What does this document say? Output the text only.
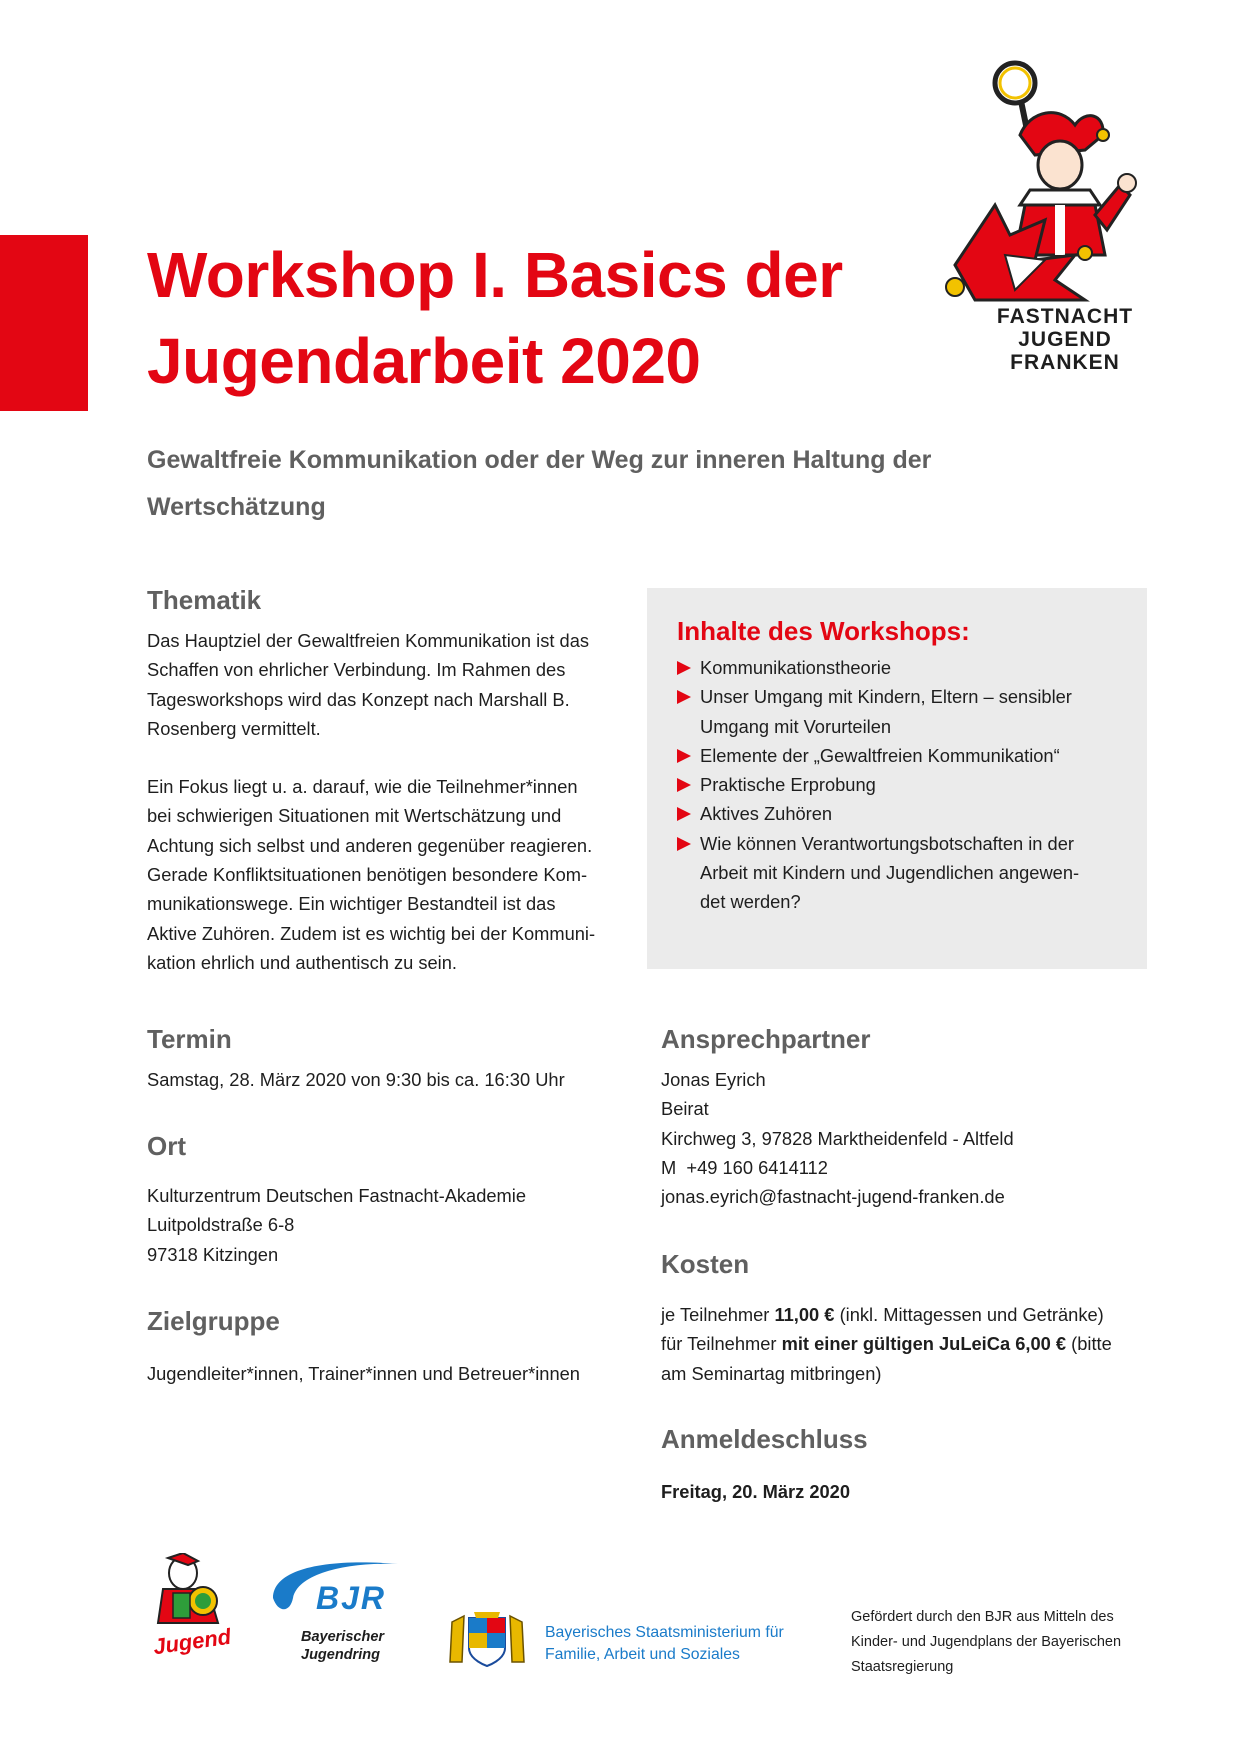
Workshop I. Basics der
Jugendarbeit 2020
FASTNACHT
JUGEND
FRANKEN
Gewaltfreie Kommunikation oder der Weg zur inneren Haltung der
Wertschätzung
Thematik

Das Hauptziel der Gewaltfreien Kommunikation ist das
Schaffen von ehrlicher Verbindung. Im Rahmen des
Tagesworkshops wird das Konzept nach Marshall B.
Rosenberg vermittelt.

Ein Fokus liegt u. a. darauf, wie die Teilnehmer*innen
bei schwierigen Situationen mit Wertschätzung und
Achtung sich selbst und anderen gegenüber reagieren.
Gerade Konfliktsituationen benötigen besondere Kom-
munikationswege. Ein wichtiger Bestandteil ist das
Aktive Zuhören. Zudem ist es wichtig bei der Kommuni-
kation ehrlich und authentisch zu sein.

Inhalte des Workshops:
Kommunikationstheorie
Unser Umgang mit Kindern, Eltern – sensibler
Umgang mit Vorurteilen
Elemente der „Gewaltfreien Kommunikation“
Praktische Erprobung
Aktives Zuhören
Wie können Verantwortungsbotschaften in der
Arbeit mit Kindern und Jugendlichen angewen-
det werden?
Termin
Samstag, 28. März 2020 von 9:30 bis ca. 16:30 Uhr
Ort
Kulturzentrum Deutschen Fastnacht-Akademie
Luitpoldstraße 6-8
97318 Kitzingen
Zielgruppe
Jugendleiter*innen, Trainer*innen und Betreuer*innen
Ansprechpartner
Jonas Eyrich
Beirat
Kirchweg 3, 97828 Marktheidenfeld - Altfeld
M +49 160 6414112
jonas.eyrich@fastnacht-jugend-franken.de
Kosten
je Teilnehmer 11,00 € (inkl. Mittagessen und Getränke)
für Teilnehmer mit einer gültigen JuLeiCa 6,00 € (bitte
am Seminartag mitbringen)
Anmeldeschluss
Freitag, 20. März 2020
Jugend
BJR
Bayerischer
Jugendring
Bayerisches Staatsministerium für
Familie, Arbeit und Soziales
Gefördert durch den BJR aus Mitteln des
Kinder- und Jugendplans der Bayerischen
Staatsregierung
